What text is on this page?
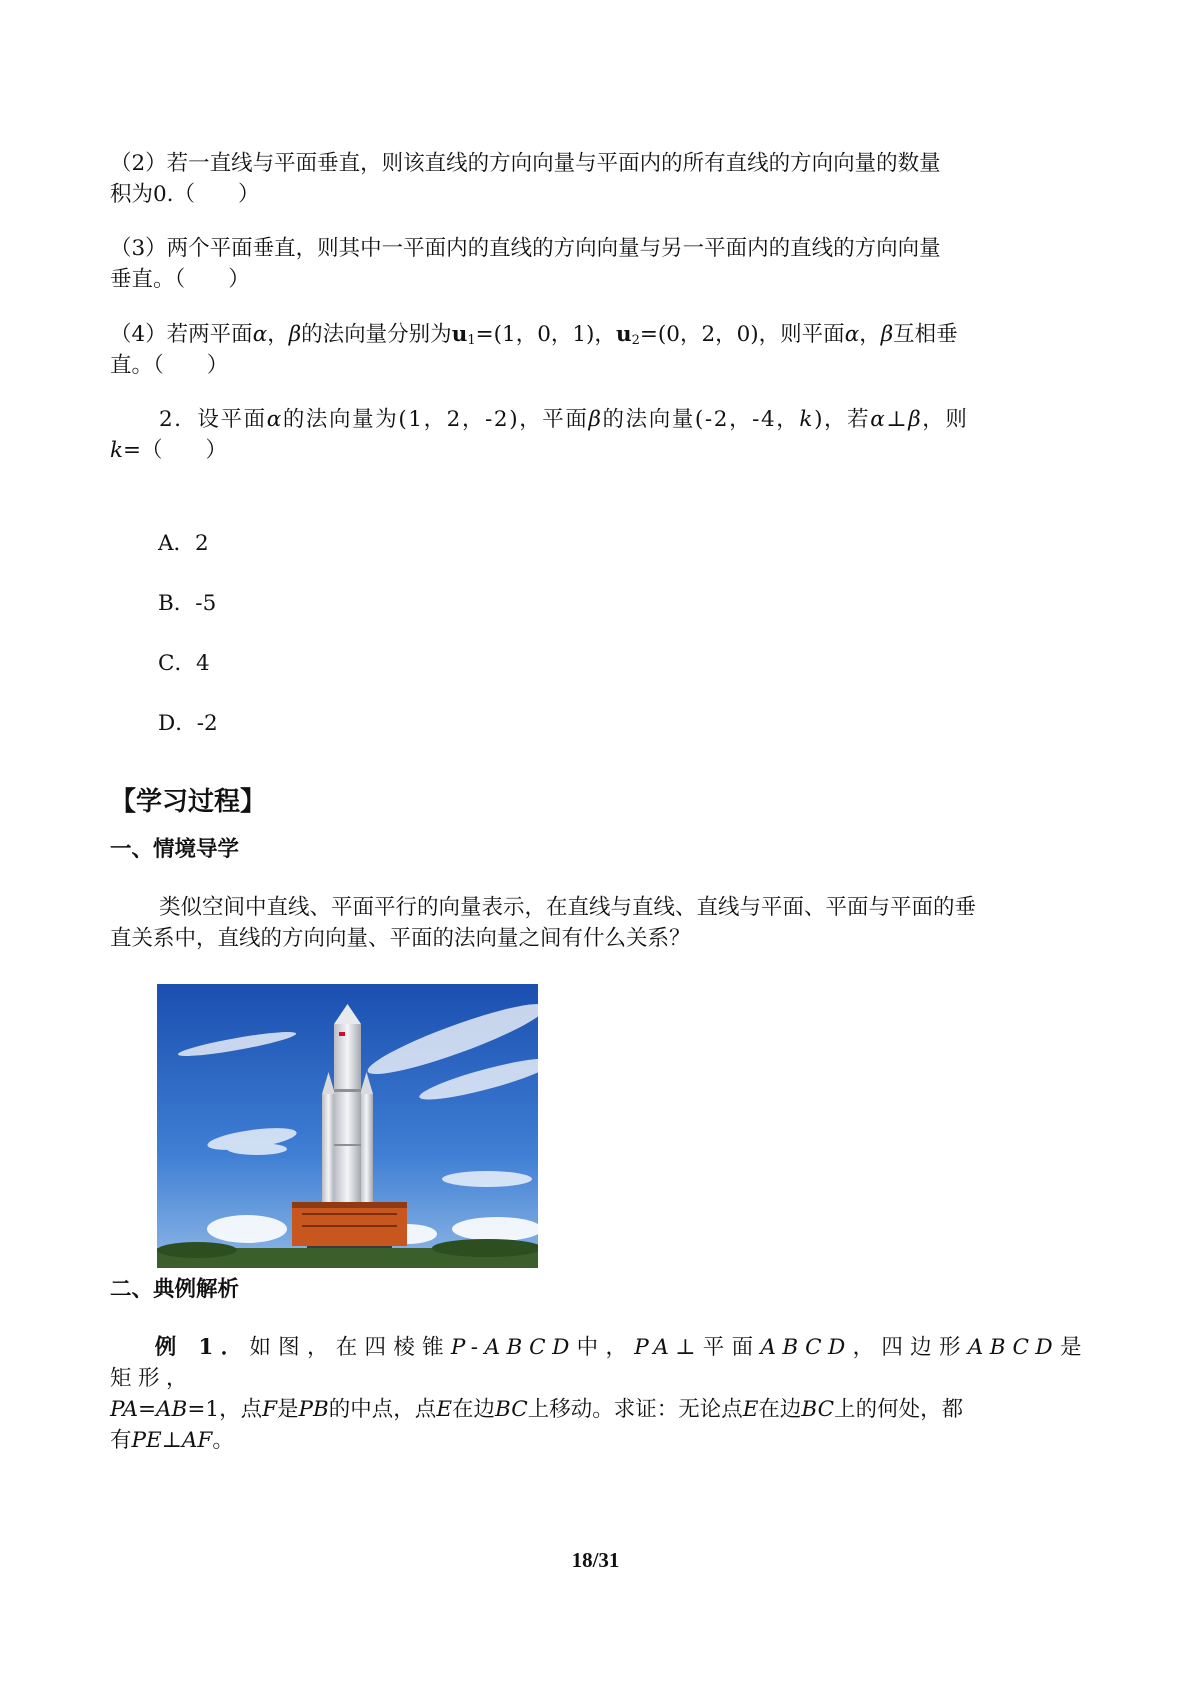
（2）若一直线与平面垂直，则该直线的方向向量与平面内的所有直线的方向向量的数量
积为0.（　　）
（3）两个平面垂直，则其中一平面内的直线的方向向量与另一平面内的直线的方向向量
垂直。（　　）
（4）若两平面α，β的法向量分别为$u_1=(1$，0，1)，$u_2=(0$，2，0)，则平面α，β互相垂
直。（　　）
2．设平面α的法向量为(1，2，-2)，平面β的法向量(-2，-4，k)，若α⊥β，则
k=（　　）
A．2
B．-5
C．4
D．-2
【学习过程】
一、情境导学
类似空间中直线、平面平行的向量表示，在直线与直线、直线与平面、平面与平面的垂
直关系中，直线的方向向量、平面的法向量之间有什么关系？
二、典例解析
例 1．如图，在四棱锥P-ABCD中，PA⊥平面ABCD，四边形ABCD是矩形，
PA=AB=1，点F是PB的中点，点E在边BC上移动。求证：无论点E在边BC上的何处，都
有PE⊥AF。
18/31
